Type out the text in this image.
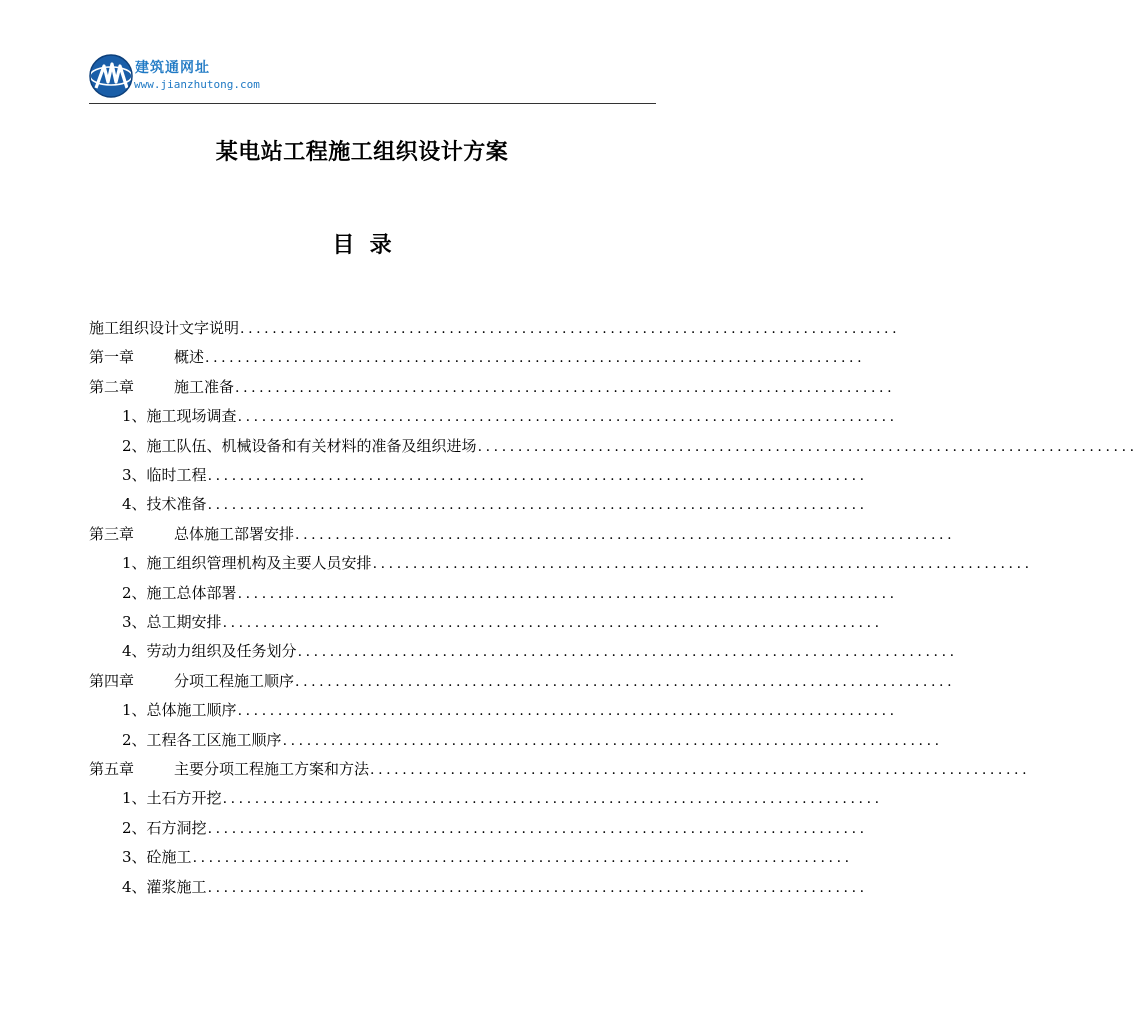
建筑通网址
www.jianzhutong.com
某电站工程施工组织设计方案
目  录
施工组织设计文字说明 ..................................................................................
第一章	概述 ..................................................................................
第二章	施工准备 ..................................................................................
1、 施工现场调查 ..................................................................................
2、 施工队伍、机械设备和有关材料的准备及组织进场 ..................................................................................
3、 临时工程 ..................................................................................
4、 技术准备 ..................................................................................
第三章	总体施工部署安排 ..................................................................................
1、 施工组织管理机构及主要人员安排 ..................................................................................
2、 施工总体部署 ..................................................................................
3、 总工期安排 ..................................................................................
4、 劳动力组织及任务划分 ..................................................................................
第四章	分项工程施工顺序 ..................................................................................
1、 总体施工顺序 ..................................................................................
2、 工程各工区施工顺序 ..................................................................................
第五章	主要分项工程施工方案和方法 ..................................................................................
1、 土石方开挖 ..................................................................................
2、 石方洞挖 ..................................................................................
3、 砼施工 ..................................................................................
4、 灌浆施工 ..................................................................................
